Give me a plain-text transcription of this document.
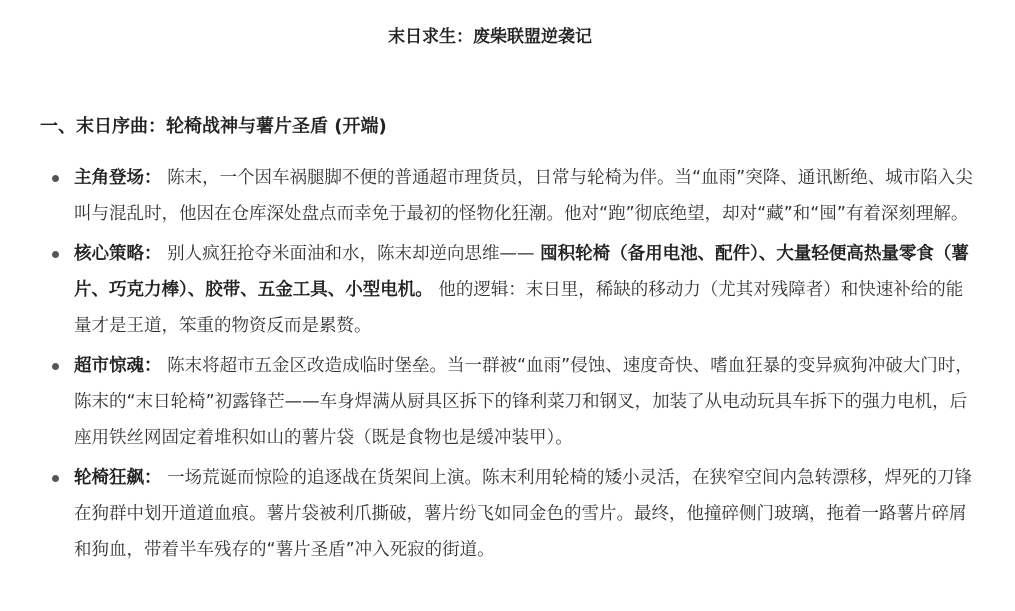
末日求生：废柴联盟逆袭记
一、末日序曲：轮椅战神与薯片圣盾 (开端)
主角登场： 陈末，一个因车祸腿脚不便的普通超市理货员，日常与轮椅为伴。当“血雨”突降、通讯断绝、城市陷入尖叫与混乱时，他因在仓库深处盘点而幸免于最初的怪物化狂潮。他对“跑”彻底绝望，却对“藏”和“囤”有着深刻理解。
核心策略： 别人疯狂抢夺米面油和水，陈末却逆向思维—— 囤积轮椅（备用电池、配件）、大量轻便高热量零食（薯片、巧克力棒）、胶带、五金工具、小型电机。 他的逻辑：末日里，稀缺的移动力（尤其对残障者）和快速补给的能量才是王道，笨重的物资反而是累赘。
超市惊魂： 陈末将超市五金区改造成临时堡垒。当一群被“血雨”侵蚀、速度奇快、嗜血狂暴的变异疯狗冲破大门时，陈末的“末日轮椅”初露锋芒——车身焊满从厨具区拆下的锋利菜刀和钢叉，加装了从电动玩具车拆下的强力电机，后座用铁丝网固定着堆积如山的薯片袋（既是食物也是缓冲装甲）。
轮椅狂飙： 一场荒诞而惊险的追逐战在货架间上演。陈末利用轮椅的矮小灵活，在狭窄空间内急转漂移，焊死的刀锋在狗群中划开道道血痕。薯片袋被利爪撕破，薯片纷飞如同金色的雪片。最终，他撞碎侧门玻璃，拖着一路薯片碎屑和狗血，带着半车残存的“薯片圣盾”冲入死寂的街道。
